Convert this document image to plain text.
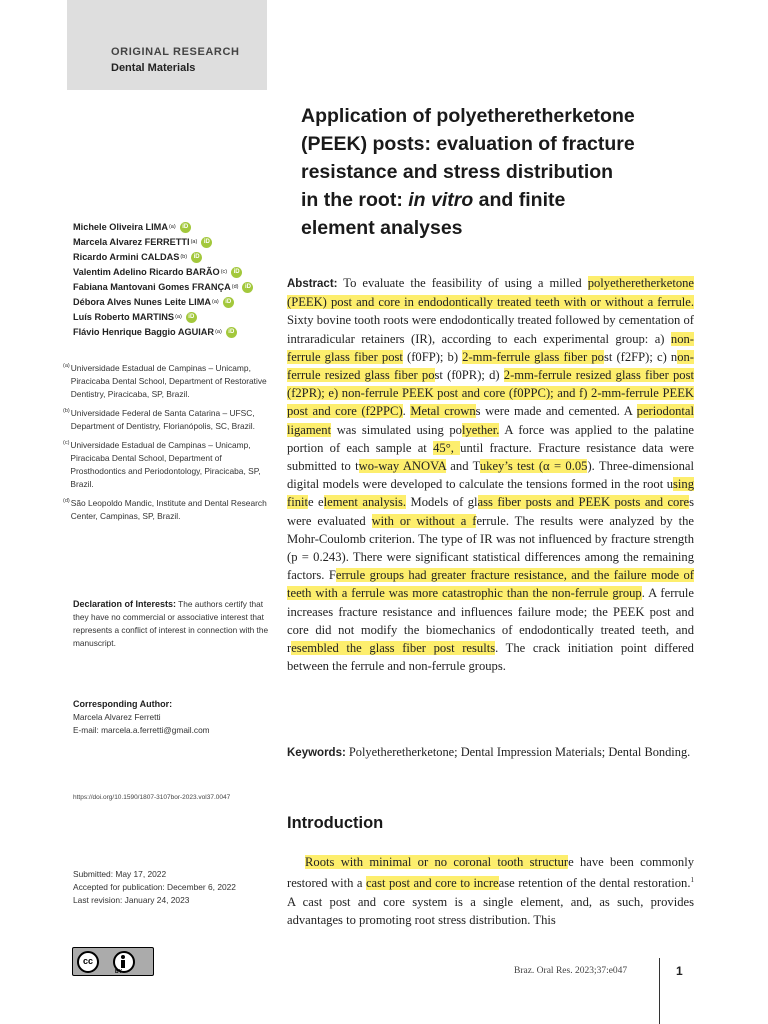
ORIGINAL RESEARCH
Dental Materials
Application of polyetheretherketone
(PEEK) posts: evaluation of fracture
resistance and stress distribution
in the root: in vitro and finite
element analyses
Michele Oliveira LIMA (a)	iD
Marcela Alvarez FERRETTI (a)	iD
Ricardo Armini CALDAS (b)	iD
Valentim Adelino Ricardo BARÃO (c)	iD
Fabiana Mantovani Gomes FRANÇA (d)	iD
Débora Alves Nunes Leite LIMA (a)	iD
Luís Roberto MARTINS (a)	iD
Flávio Henrique Baggio AGUIAR (a)	iD
(a) Universidade Estadual de Campinas – Unicamp, Piracicaba Dental School, Department of Restorative Dentistry, Piracicaba, SP, Brazil.
(b) Universidade Federal de Santa Catarina – UFSC, Department of Dentistry, Florianópolis, SC, Brazil.
(c) Universidade Estadual de Campinas – Unicamp, Piracicaba Dental School, Department of Prosthodontics and Periodontology, Piracicaba, SP, Brazil.
(d) São Leopoldo Mandic, Institute and Dental Research Center, Campinas, SP, Brazil.
Declaration of Interests: The authors certify that they have no commercial or associative interest that represents a conflict of interest in connection with the manuscript.
Corresponding Author:
Marcela Alvarez Ferretti
E-mail: marcela.a.ferretti@gmail.com
https://doi.org/10.1590/1807-3107bor-2023.vol37.0047
Submitted: May 17, 2022
Accepted for publication: December 6, 2022
Last revision: January 24, 2023
cc
BY
Abstract: To evaluate the feasibility of using a milled polyetheretherketone (PEEK) post and core in endodontically treated teeth with or without a ferrule. Sixty bovine tooth roots were endodontically treated followed by cementation of intraradicular retainers (IR), according to each experimental group: a) non-ferrule glass fiber post (f0FP); b) 2-mm-ferrule glass fiber post (f2FP); c) non-ferrule resized glass fiber post (f0PR); d) 2-mm-ferrule resized glass fiber post (f2PR); e) non-ferrule PEEK post and core (f0PPC); and f) 2-mm-ferrule PEEK post and core (f2PPC). Metal crowns were made and cemented. A periodontal ligament was simulated using polyether. A force was applied to the palatine portion of each sample at 45°, until fracture. Fracture resistance data were submitted to two-way ANOVA and Tukey’s test (α = 0.05). Three-dimensional digital models were developed to calculate the tensions formed in the root using finite element analysis. Models of glass fiber posts and PEEK posts and cores were evaluated with or without a ferrule. The results were analyzed by the Mohr-Coulomb criterion. The type of IR was not influenced by fracture strength (p = 0.243). There were significant statistical differences among the remaining factors. Ferrule groups had greater fracture resistance, and the failure mode of teeth with a ferrule was more catastrophic than the non-ferrule group. A ferrule increases fracture resistance and influences failure mode; the PEEK post and core did not modify the biomechanics of endodontically treated teeth, and resembled the glass fiber post results. The crack initiation point differed between the ferrule and non-ferrule groups.
Keywords: Polyetheretherketone; Dental Impression Materials; Dental Bonding.
Introduction

Roots with minimal or no coronal tooth structure have been commonly restored with a cast post and core to increase retention of the dental restoration.$^1$ A cast post and core system is a single element, and, as such, provides advantages to promoting root stress distribution. This

Braz. Oral Res. 2023;37:e047	1
